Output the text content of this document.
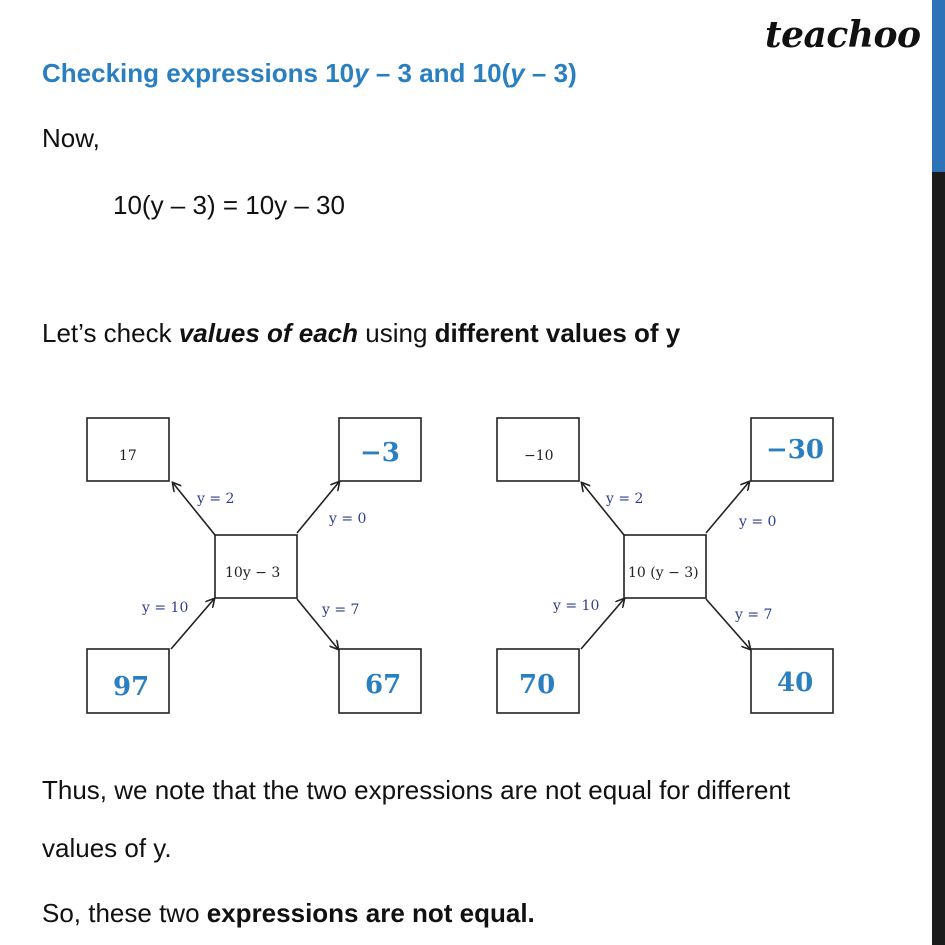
teachoo
Checking expressions 10y – 3 and 10(y – 3)
Now,
10(y – 3) = 10y – 30
Let’s check values of each using different values of y
17	−3
10y − 3
97	67
y = 2
y = 0
y = 10	y = 7
−10	−30
10 (y − 3)
70	40
y = 2
y = 0
y = 10
y = 7
Thus, we note that the two expressions are not equal for different
values of y.
So, these two expressions are not equal.
